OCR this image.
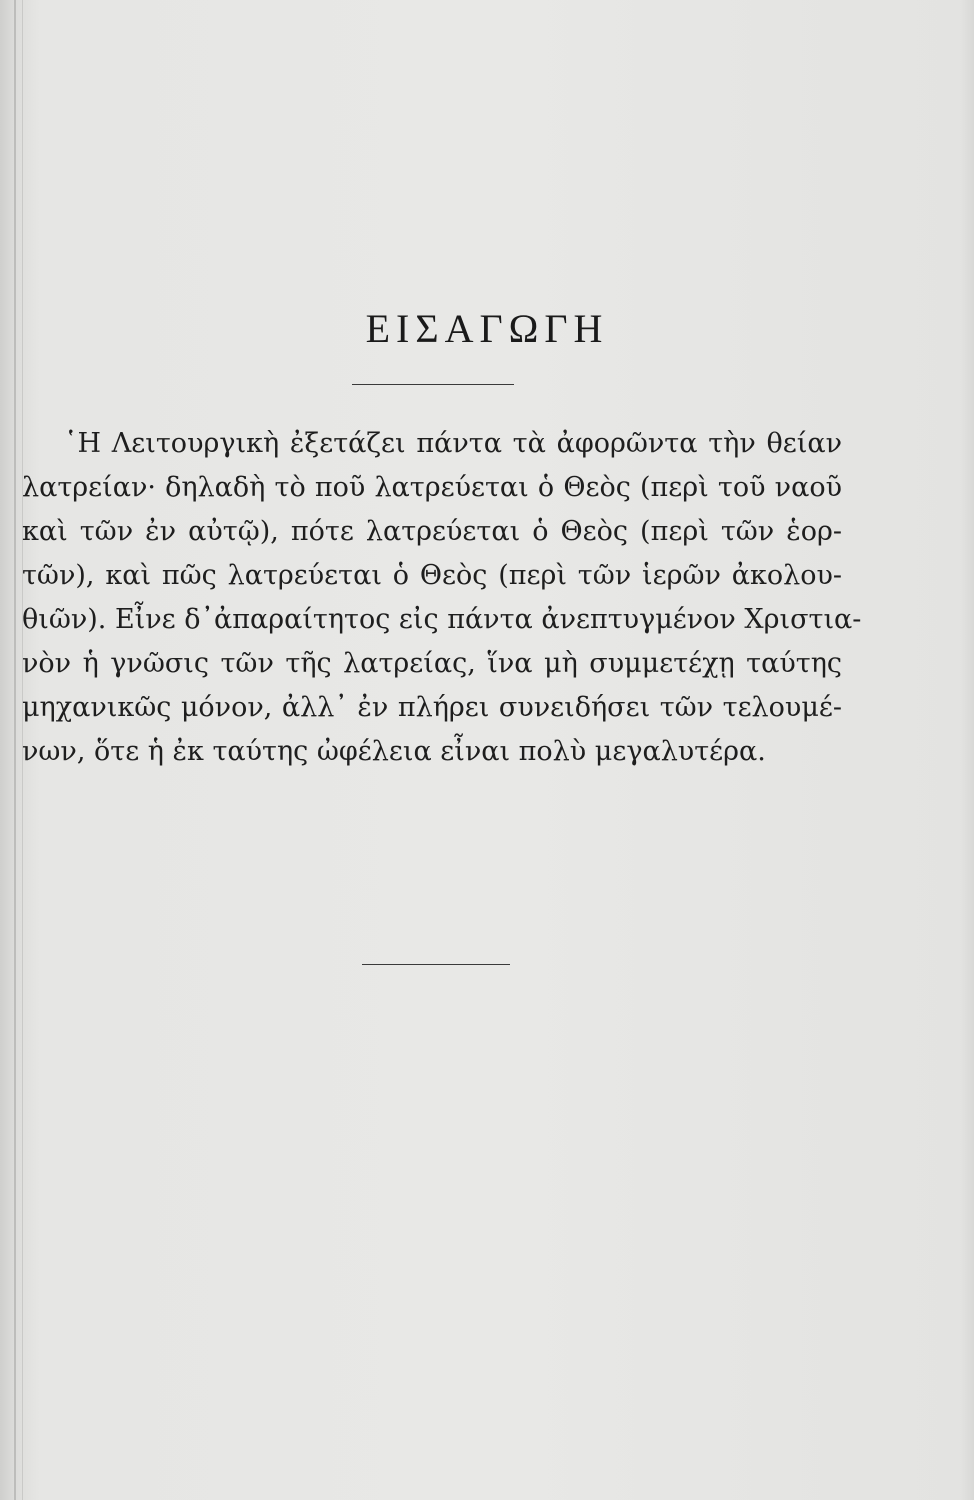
ΕΙΣΑΓΩΓΗ
῾Η Λειτουργικὴ ἐξετάζει πάντα τὰ ἀφορῶντα τὴν θείαν
λατρείαν· δηλαδὴ τὸ ποῦ λατρεύεται ὁ Θεὸς (περὶ τοῦ ναοῦ
καὶ τῶν ἐν αὐτῷ), πότε λατρεύεται ὁ Θεὸς (περὶ τῶν ἑορ-
τῶν), καὶ πῶς λατρεύεται ὁ Θεὸς (περὶ τῶν ἱερῶν ἀκολου-
θιῶν). Εἶνε δ᾿ἀπαραίτητος εἰς πάντα ἀνεπτυγμένον Χριστια-
νὸν ἡ γνῶσις τῶν τῆς λατρείας, ἵνα μὴ συμμετέχῃ ταύτης
μηχανικῶς μόνον, ἀλλ᾿ ἐν πλήρει συνειδήσει τῶν τελουμέ-
νων, ὅτε ἡ ἐκ ταύτης ὠφέλεια εἶναι πολὺ μεγαλυτέρα.
